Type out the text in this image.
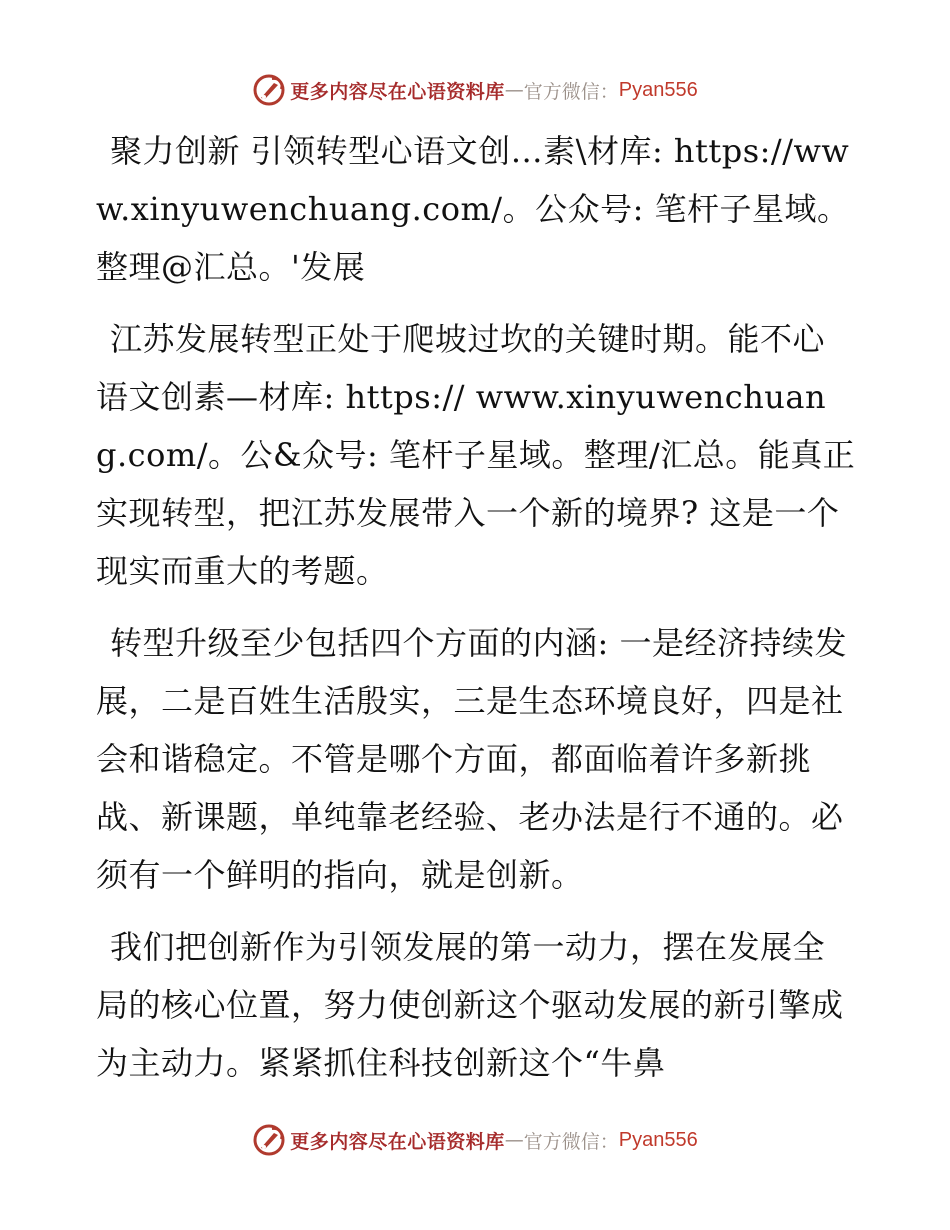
更多内容尽在心语资料库 — 官方微信： Pyan556

聚力创新 引领转型心语文创…素\材库: https://www.xinyuwenchuang.com/。公众号: 笔杆子星域。整理@汇总。'发展

江苏发展转型正处于爬坡过坎的关键时期。能不心语文创素—材库: https:// www.xinyuwenchuang.com/。公&众号: 笔杆子星域。整理/汇总。能真正实现转型，把江苏发展带入一个新的境界? 这是一个现实而重大的考题。

转型升级至少包括四个方面的内涵: 一是经济持续发展，二是百姓生活殷实，三是生态环境良好，四是社会和谐稳定。不管是哪个方面，都面临着许多新挑战、新课题，单纯靠老经验、老办法是行不通的。必须有一个鲜明的指向，就是创新。

我们把创新作为引领发展的第一动力，摆在发展全局的核心位置，努力使创新这个驱动发展的新引擎成为主动力。紧紧抓住科技创新这个“牛鼻

更多内容尽在心语资料库 — 官方微信： Pyan556
